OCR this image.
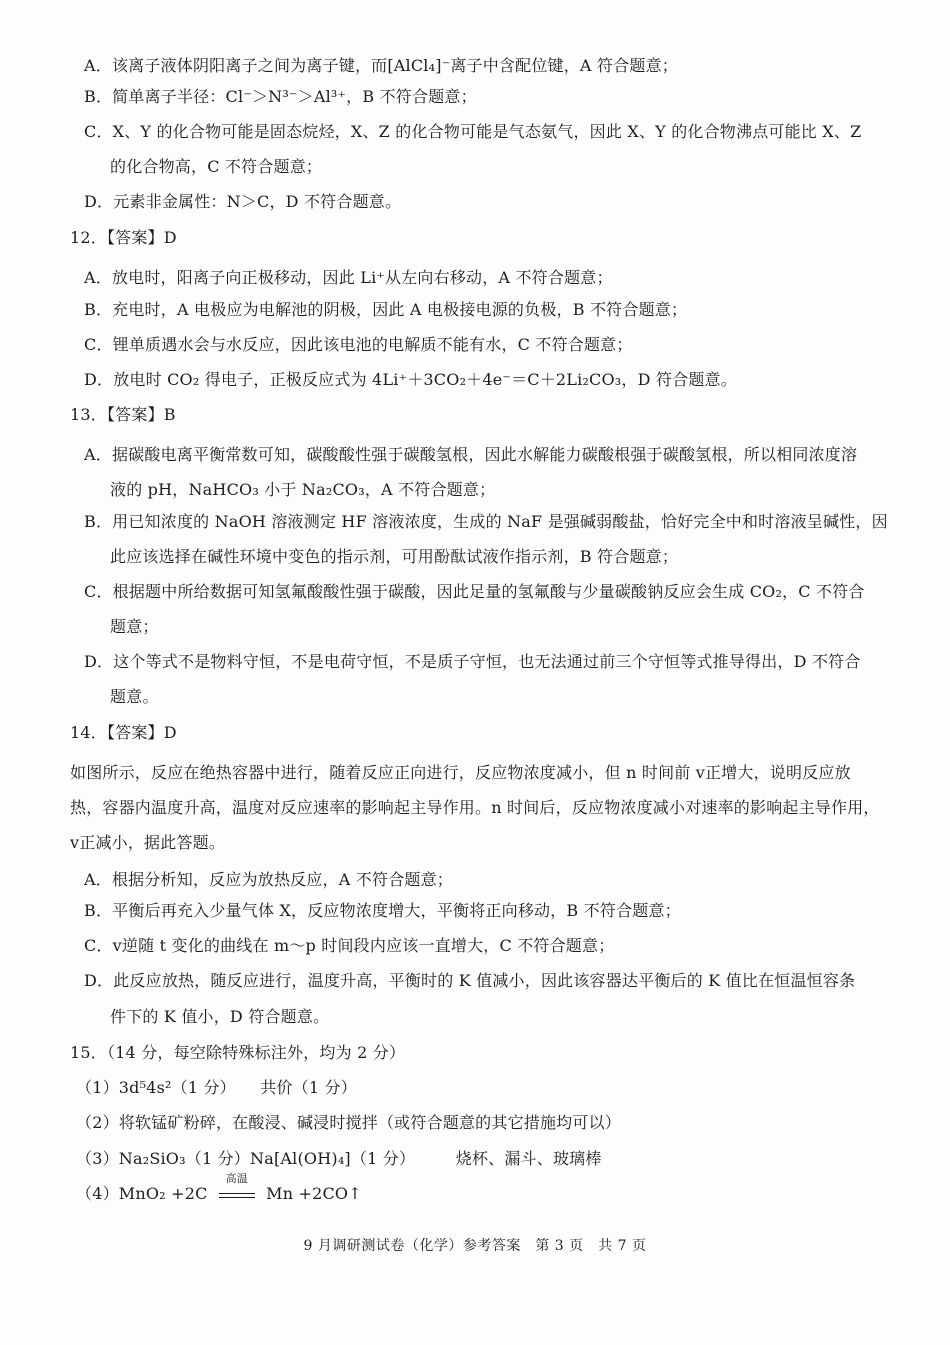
A．该离子液体阴阳离子之间为离子键，而[AlCl₄]⁻离子中含配位键，A 符合题意；
B．简单离子半径：Cl⁻＞N³⁻＞Al³⁺，B 不符合题意；
C．X、Y 的化合物可能是固态烷烃，X、Z 的化合物可能是气态氨气，因此 X、Y 的化合物沸点可能比 X、Z
的化合物高，C 不符合题意；
D．元素非金属性：N＞C，D 不符合题意。
12．【答案】D
A．放电时，阳离子向正极移动，因此 Li⁺从左向右移动，A 不符合题意；
B．充电时，A 电极应为电解池的阴极，因此 A 电极接电源的负极，B 不符合题意；
C．锂单质遇水会与水反应，因此该电池的电解质不能有水，C 不符合题意；
D．放电时 CO₂ 得电子，正极反应式为 4Li⁺＋3CO₂＋4e⁻＝C＋2Li₂CO₃，D 符合题意。
13．【答案】B
A．据碳酸电离平衡常数可知，碳酸酸性强于碳酸氢根，因此水解能力碳酸根强于碳酸氢根，所以相同浓度溶
液的 pH，NaHCO₃ 小于 Na₂CO₃，A 不符合题意；
B．用已知浓度的 NaOH 溶液测定 HF 溶液浓度，生成的 NaF 是强碱弱酸盐，恰好完全中和时溶液呈碱性，因
此应该选择在碱性环境中变色的指示剂，可用酚酞试液作指示剂，B 符合题意；
C．根据题中所给数据可知氢氟酸酸性强于碳酸，因此足量的氢氟酸与少量碳酸钠反应会生成 CO₂，C 不符合
题意；
D．这个等式不是物料守恒，不是电荷守恒，不是质子守恒，也无法通过前三个守恒等式推导得出，D 不符合
题意。
14．【答案】D
如图所示，反应在绝热容器中进行，随着反应正向进行，反应物浓度减小，但 n 时间前 v正增大，说明反应放
热，容器内温度升高，温度对反应速率的影响起主导作用。n 时间后，反应物浓度减小对速率的影响起主导作用，
v正减小，据此答题。
A．根据分析知，反应为放热反应，A 不符合题意；
B．平衡后再充入少量气体 X，反应物浓度增大，平衡将正向移动，B 不符合题意；
C．v逆随 t 变化的曲线在 m～p 时间段内应该一直增大，C 不符合题意；
D．此反应放热，随反应进行，温度升高，平衡时的 K 值减小，因此该容器达平衡后的 K 值比在恒温恒容条
件下的 K 值小，D 符合题意。
15．（14 分，每空除特殊标注外，均为 2 分）
（1）3d⁵4s²（1 分）　　共价（1 分）
（2）将软锰矿粉碎，在酸浸、碱浸时搅拌（或符合题意的其它措施均可以）
（3）Na₂SiO₃（1 分）Na[Al(OH)₄]（1 分）　　　烧杯、漏斗、玻璃棒
（4）MnO₂ +2C
高温
Mn +2CO↑
9 月调研测试卷（化学）参考答案　第 3 页　共 7 页
